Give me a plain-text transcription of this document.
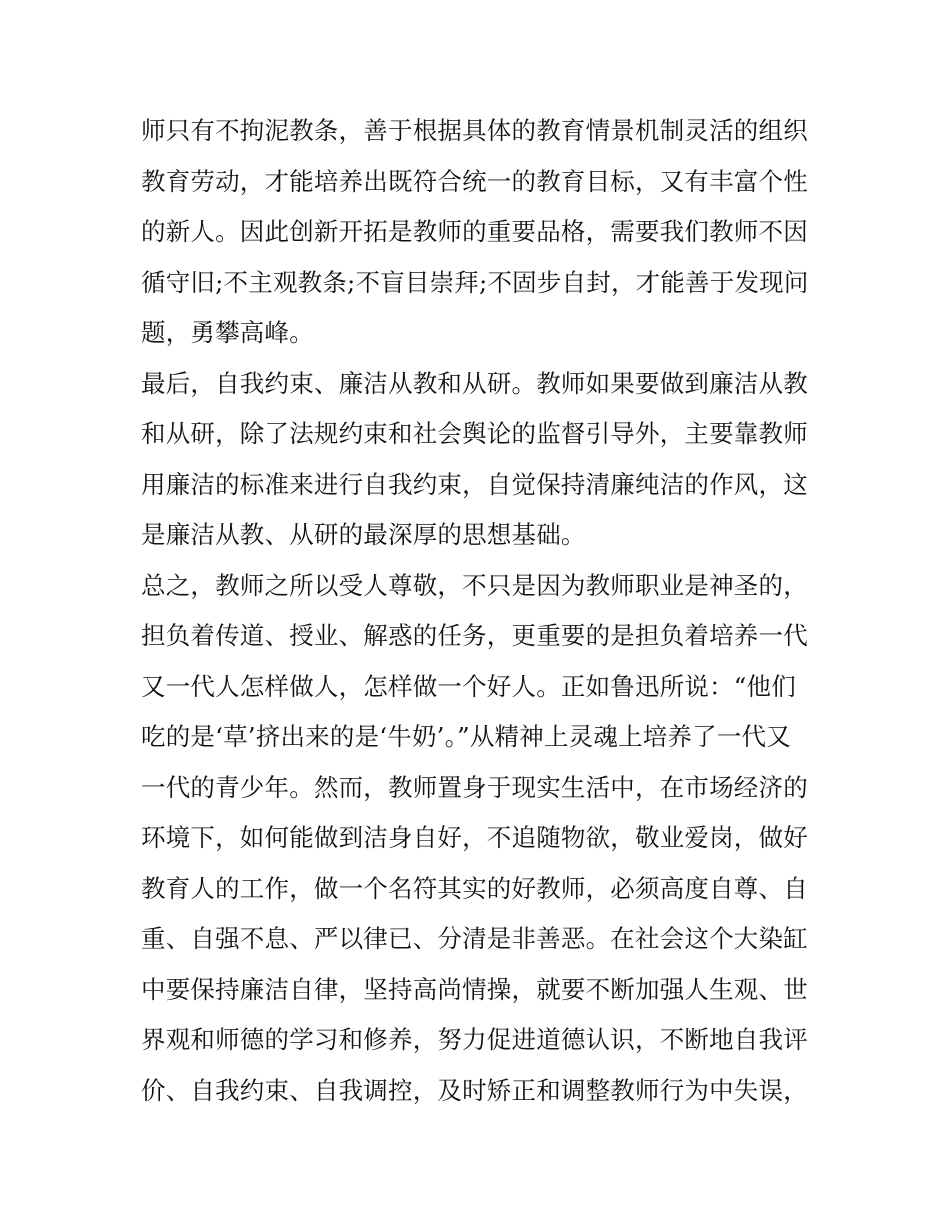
师只有不拘泥教条，善于根据具体的教育情景机制灵活的组织
教育劳动，才能培养出既符合统一的教育目标，又有丰富个性
的新人。因此创新开拓是教师的重要品格，需要我们教师不因
循守旧;不主观教条;不盲目崇拜;不固步自封，才能善于发现问
题，勇攀高峰。
最后，自我约束、廉洁从教和从研。教师如果要做到廉洁从教
和从研，除了法规约束和社会舆论的监督引导外，主要靠教师
用廉洁的标准来进行自我约束，自觉保持清廉纯洁的作风，这
是廉洁从教、从研的最深厚的思想基础。
总之，教师之所以受人尊敬，不只是因为教师职业是神圣的，
担负着传道、授业、解惑的任务，更重要的是担负着培养一代
又一代人怎样做人，怎样做一个好人。正如鲁迅所说：“他们
吃的是‘草’挤出来的是‘牛奶’。”从精神上灵魂上培养了一代又
一代的青少年。然而，教师置身于现实生活中，在市场经济的
环境下，如何能做到洁身自好，不追随物欲，敬业爱岗，做好
教育人的工作，做一个名符其实的好教师，必须高度自尊、自
重、自强不息、严以律已、分清是非善恶。在社会这个大染缸
中要保持廉洁自律，坚持高尚情操，就要不断加强人生观、世
界观和师德的学习和修养，努力促进道德认识，不断地自我评
价、自我约束、自我调控，及时矫正和调整教师行为中失误，
